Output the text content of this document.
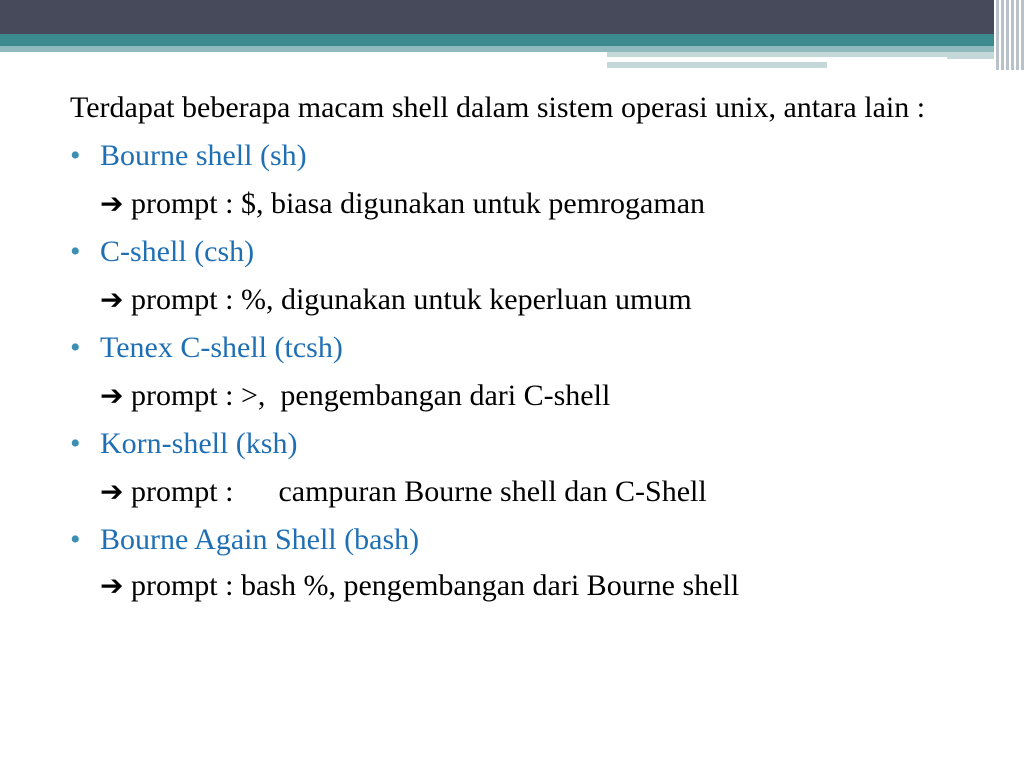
Terdapat beberapa macam shell dalam sistem operasi unix, antara lain :

• Bourne shell (sh)

➔ prompt : $, biasa digunakan untuk pemrogaman

• C-shell (csh)

➔ prompt : %, digunakan untuk keperluan umum

• Tenex C-shell (tcsh)

➔ prompt : >,  pengembangan dari C-shell

• Korn-shell (ksh)

➔ prompt :      campuran Bourne shell dan C-Shell

• Bourne Again Shell (bash)

➔ prompt : bash %, pengembangan dari Bourne shell
